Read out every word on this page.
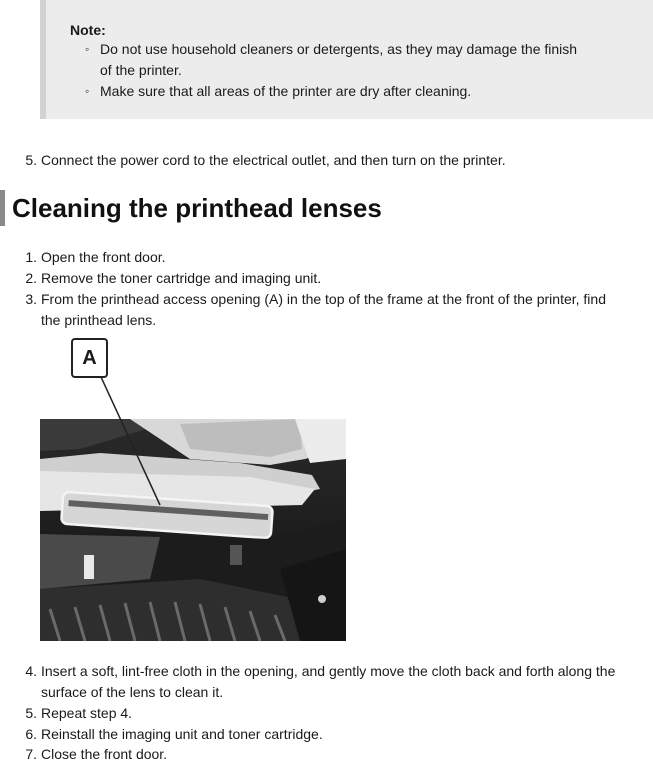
Note:
◦ Do not use household cleaners or detergents, as they may damage the finish
of the printer.
◦ Make sure that all areas of the printer are dry after cleaning.
5. Connect the power cord to the electrical outlet, and then turn on the printer.
Cleaning the printhead lenses
1. Open the front door.
2. Remove the toner cartridge and imaging unit.
3. From the printhead access opening (A) in the top of the frame at the front of the printer, find
the printhead lens.
A
4. Insert a soft, lint-free cloth in the opening, and gently move the cloth back and forth along the
surface of the lens to clean it.
5. Repeat step 4.
6. Reinstall the imaging unit and toner cartridge.
7. Close the front door.
